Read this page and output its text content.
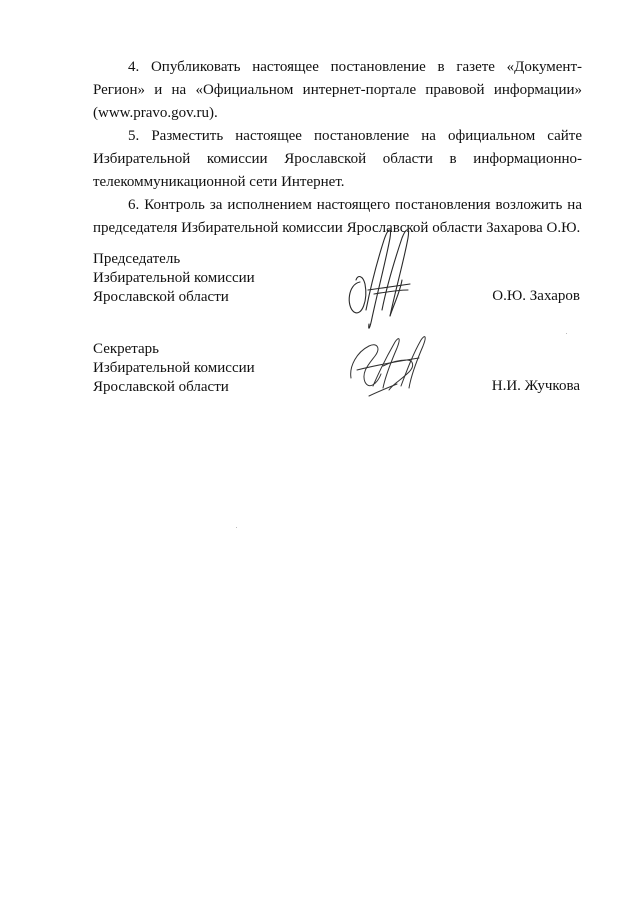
4. Опубликовать настоящее постановление в газете «Документ-Регион» и на «Официальном интернет-портале правовой информации» (www.pravo.gov.ru).

5. Разместить настоящее постановление на официальном сайте Избирательной комиссии Ярославской области в информационно-телекоммуникационной сети Интернет.

6. Контроль за исполнением настоящего постановления возложить на председателя Избирательной комиссии Ярославской области Захарова О.Ю.

Председатель

Избирательной комиссии

Ярославской области	О.Ю. Захаров

Секретарь

Избирательной комиссии

Ярославской области	Н.И. Жучкова
